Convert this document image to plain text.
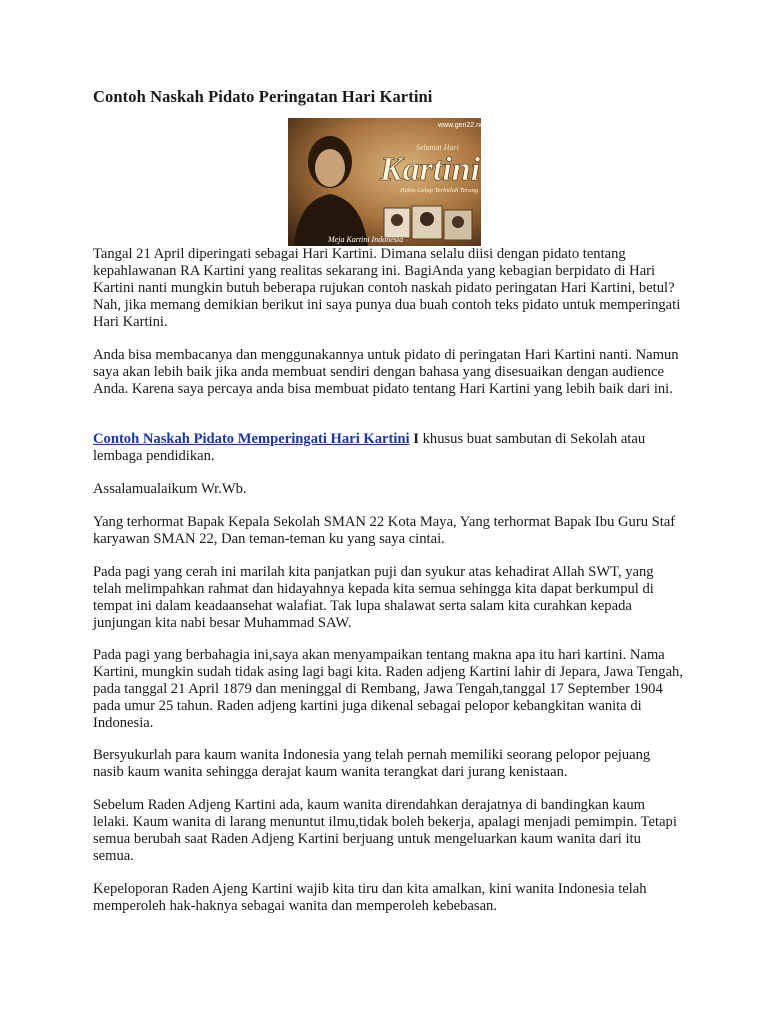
Contoh Naskah Pidato Peringatan Hari Kartini
www.gen22.net
Selamat Hari
Kartini
Habis Gelap Terbitlah Terang
Meja Kartini Indonesia

Tangal 21 April diperingati sebagai Hari Kartini. Dimana selalu diisi dengan pidato tentang kepahlawanan RA Kartini yang realitas sekarang ini. BagiAnda yang kebagian berpidato di Hari Kartini nanti mungkin butuh beberapa rujukan contoh naskah pidato peringatan Hari Kartini, betul? Nah, jika memang demikian berikut ini saya punya dua buah contoh teks pidato untuk memperingati Hari Kartini.

Anda bisa membacanya dan menggunakannya untuk pidato di peringatan Hari Kartini nanti. Namun saya akan lebih baik jika anda membuat sendiri dengan bahasa yang disesuaikan dengan audience Anda. Karena saya percaya anda bisa membuat pidato tentang Hari Kartini yang lebih baik dari ini.

Contoh Naskah Pidato Memperingati Hari Kartini I khusus buat sambutan di Sekolah atau lembaga pendidikan.

Assalamualaikum Wr.Wb.

Yang terhormat Bapak Kepala Sekolah SMAN 22 Kota Maya, Yang terhormat Bapak Ibu Guru Staf karyawan SMAN 22, Dan teman-teman ku yang saya cintai.

Pada pagi yang cerah ini marilah kita panjatkan puji dan syukur atas kehadirat Allah SWT, yang telah melimpahkan rahmat dan hidayahnya kepada kita semua sehingga kita dapat berkumpul di tempat ini dalam keadaansehat walafiat. Tak lupa shalawat serta salam kita curahkan kepada junjungan kita nabi besar Muhammad SAW.

Pada pagi yang berbahagia ini,saya akan menyampaikan tentang makna apa itu hari kartini. Nama Kartini, mungkin sudah tidak asing lagi bagi kita. Raden adjeng Kartini lahir di Jepara, Jawa Tengah, pada tanggal 21 April 1879 dan meninggal di Rembang, Jawa Tengah,tanggal 17 September 1904 pada umur 25 tahun. Raden adjeng kartini juga dikenal sebagai pelopor kebangkitan wanita di Indonesia.

Bersyukurlah para kaum wanita Indonesia yang telah pernah memiliki seorang pelopor pejuang nasib kaum wanita sehingga derajat kaum wanita terangkat dari jurang kenistaan.

Sebelum Raden Adjeng Kartini ada, kaum wanita direndahkan derajatnya di bandingkan kaum lelaki. Kaum wanita di larang menuntut ilmu,tidak boleh bekerja, apalagi menjadi pemimpin. Tetapi semua berubah saat Raden Adjeng Kartini berjuang untuk mengeluarkan kaum wanita dari itu semua.

Kepeloporan Raden Ajeng Kartini wajib kita tiru dan kita amalkan, kini wanita Indonesia telah memperoleh hak-haknya sebagai wanita dan memperoleh kebebasan.
